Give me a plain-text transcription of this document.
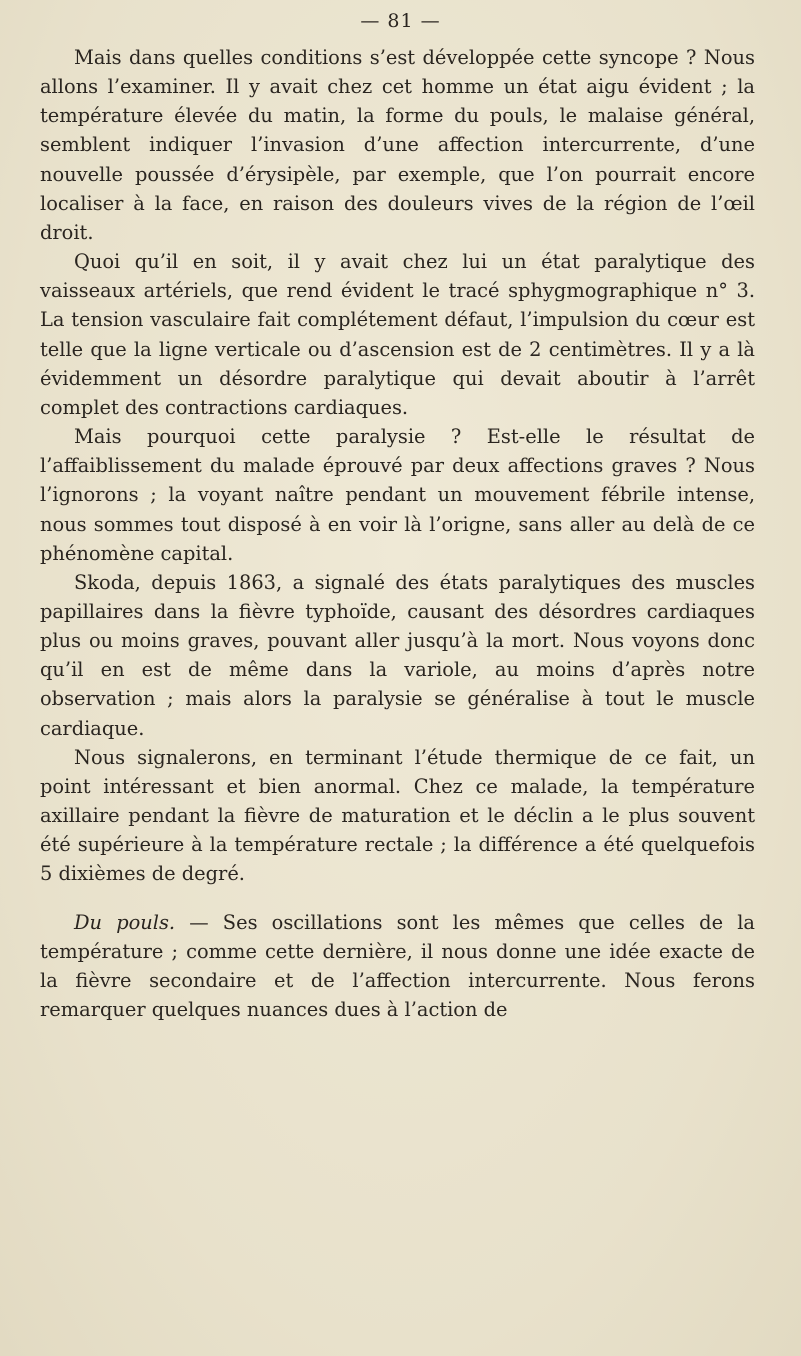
— 81 —

Mais dans quelles conditions s’est développée cette syncope ? Nous allons l’examiner. Il y avait chez cet homme un état aigu évident ; la température élevée du matin, la forme du pouls, le malaise général, semblent indiquer l’invasion d’une affection intercurrente, d’une nouvelle poussée d’érysipèle, par exemple, que l’on pourrait encore localiser à la face, en raison des douleurs vives de la région de l’œil droit.

Quoi qu’il en soit, il y avait chez lui un état paralytique des vaisseaux artériels, que rend évident le tracé sphygmographique n° 3. La tension vasculaire fait complétement défaut, l’impulsion du cœur est telle que la ligne verticale ou d’ascension est de 2 centimètres. Il y a là évidemment un désordre paralytique qui devait aboutir à l’arrêt complet des contractions cardiaques.

Mais pourquoi cette paralysie ? Est-elle le résultat de l’affaiblissement du malade éprouvé par deux affections graves ? Nous l’ignorons ; la voyant naître pendant un mouvement fébrile intense, nous sommes tout disposé à en voir là l’origne, sans aller au delà de ce phénomène capital.

Skoda, depuis 1863, a signalé des états paralytiques des muscles papillaires dans la fièvre typhoïde, causant des désordres cardiaques plus ou moins graves, pouvant aller jusqu’à la mort. Nous voyons donc qu’il en est de même dans la variole, au moins d’après notre observation ; mais alors la paralysie se généralise à tout le muscle cardiaque.

Nous signalerons, en terminant l’étude thermique de ce fait, un point intéressant et bien anormal. Chez ce malade, la température axillaire pendant la fièvre de maturation et le déclin a le plus souvent été supérieure à la température rectale ; la différence a été quelquefois 5 dixièmes de degré.

Du pouls. — Ses oscillations sont les mêmes que celles de la température ; comme cette dernière, il nous donne une idée exacte de la fièvre secondaire et de l’affection intercurrente. Nous ferons remarquer quelques nuances dues à l’action de
